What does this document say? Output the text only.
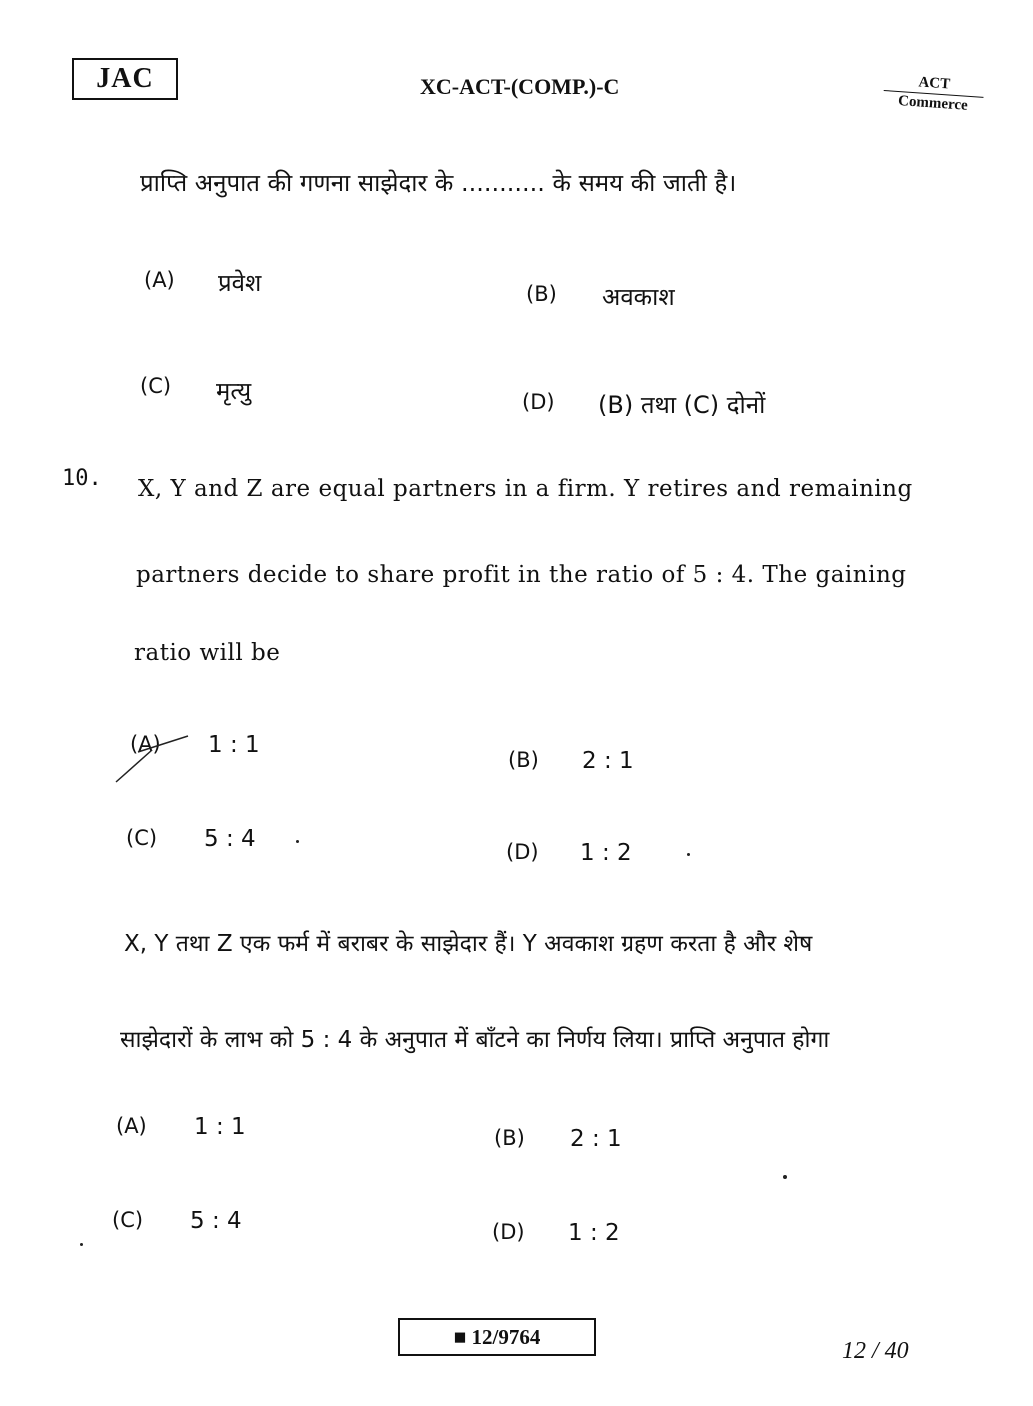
JAC	XC-ACT-(COMP.)-C	ACT
Commerce
प्राप्ति अनुपात की गणना साझेदार के ........... के समय की जाती है।
(A) प्रवेश	(B) अवकाश
(C) मृत्यु	(D) (B) तथा (C) दोनों
10. X, Y and Z are equal partners in a firm. Y retires and remaining
partners decide to share profit in the ratio of 5 : 4. The gaining
ratio will be
(A) 1 : 1
(B) 2 : 1
(C) 5 : 4	(D) 1 : 2
X, Y तथा Z एक फर्म में बराबर के साझेदार हैं। Y अवकाश ग्रहण करता है और शेष
साझेदारों के लाभ को 5 : 4 के अनुपात में बाँटने का निर्णय लिया। प्राप्ति अनुपात होगा
(A) 1 : 1	(B) 2 : 1
(C) 5 : 4	(D) 1 : 2
■ 12/9764
12 / 40
